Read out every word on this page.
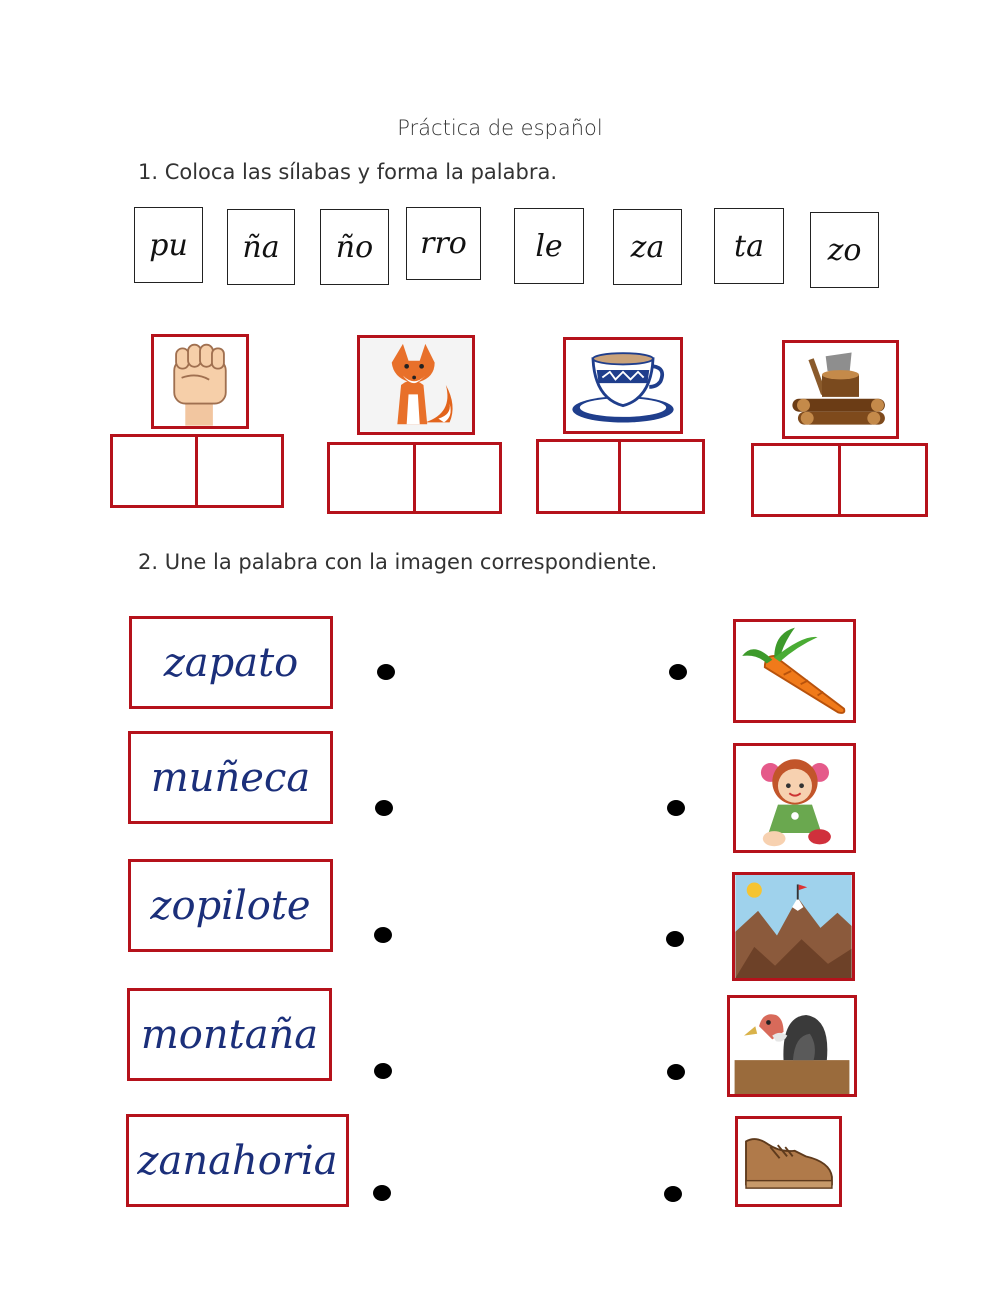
Práctica de español
1. Coloca las sílabas y forma la palabra.
pu	ña	ño	rro	le	za	ta	zo
2. Une la palabra con la imagen correspondiente.
zapato
muñeca
zopilote
montaña
zanahoria
